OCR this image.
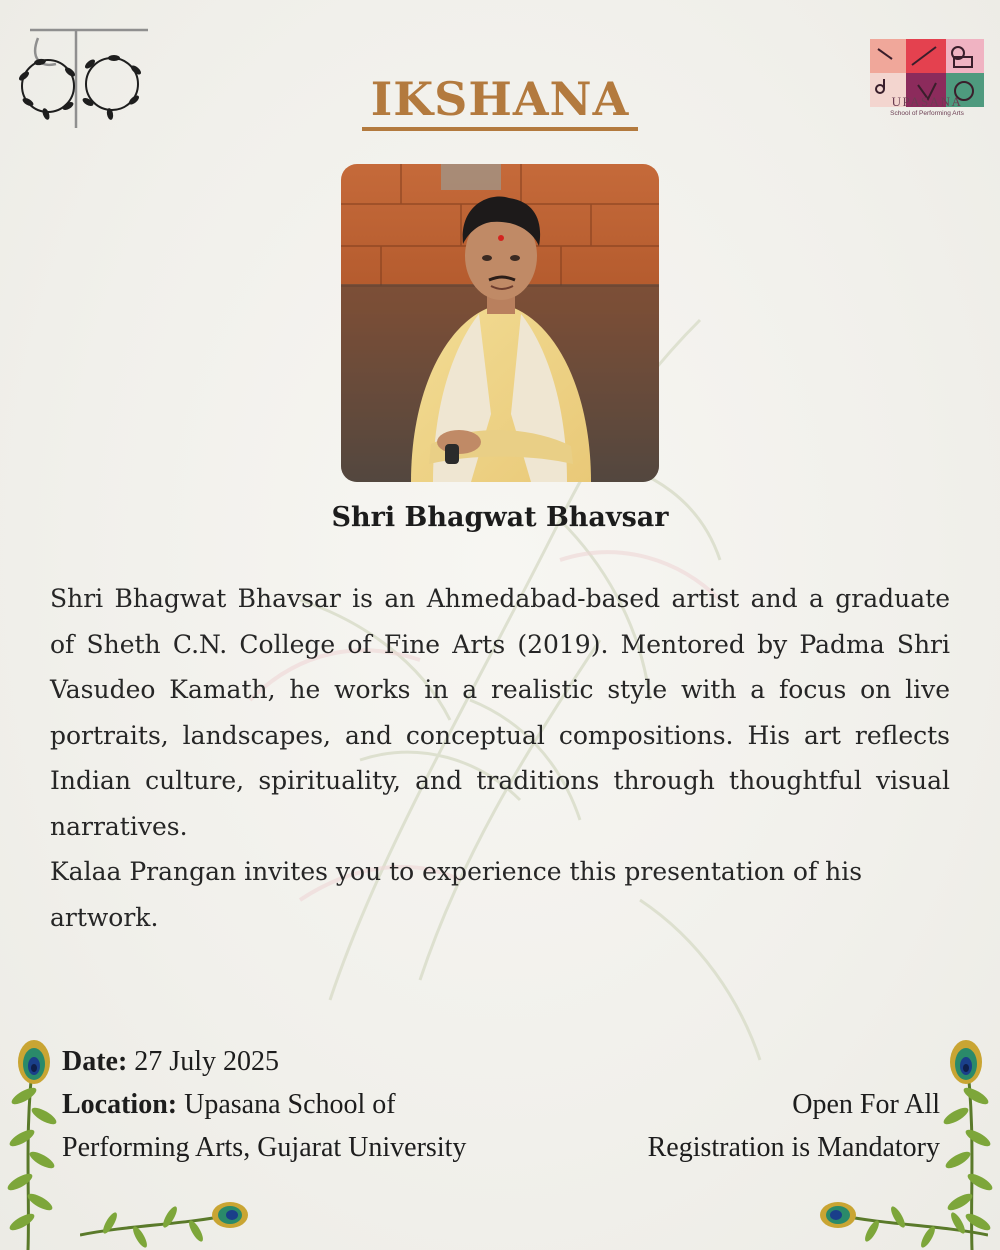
UPASANA
School of Performing Arts
IKSHANA
Shri Bhagwat Bhavsar

Shri Bhagwat Bhavsar is an Ahmedabad-based artist and a graduate of Sheth C.N. College of Fine Arts (2019). Mentored by Padma Shri Vasudeo Kamath, he works in a realistic style with a focus on live portraits, landscapes, and conceptual compositions. His art reflects Indian culture, spirituality, and traditions through thoughtful visual narratives.

Kalaa Prangan invites you to experience this presentation of his artwork.

Date: 27 July 2025
Location: Upasana School of
Performing Arts, Gujarat University
Open For All
Registration is Mandatory
